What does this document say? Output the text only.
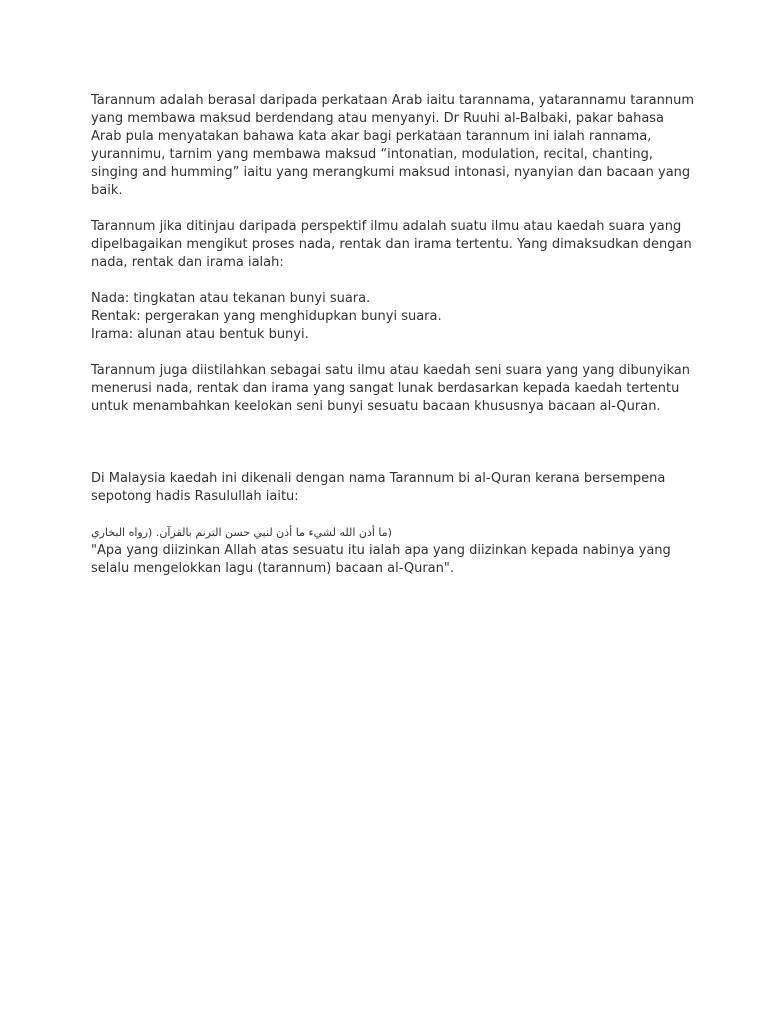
Tarannum adalah berasal daripada perkataan Arab iaitu tarannama, yatarannamu tarannum
yang membawa maksud berdendang atau menyanyi. Dr Ruuhi al-Balbaki, pakar bahasa
Arab pula menyatakan bahawa kata akar bagi perkataan tarannum ini ialah rannama,
yurannimu, tarnim yang membawa maksud “intonatian, modulation, recital, chanting,
singing and humming” iaitu yang merangkumi maksud intonasi, nyanyian dan bacaan yang
baik.

Tarannum jika ditinjau daripada perspektif ilmu adalah suatu ilmu atau kaedah suara yang
dipelbagaikan mengikut proses nada, rentak dan irama tertentu. Yang dimaksudkan dengan
nada, rentak dan irama ialah:

Nada: tingkatan atau tekanan bunyi suara.
Rentak: pergerakan yang menghidupkan bunyi suara.
Irama: alunan atau bentuk bunyi.

Tarannum juga diistilahkan sebagai satu ilmu atau kaedah seni suara yang yang dibunyikan
menerusi nada, rentak dan irama yang sangat lunak berdasarkan kepada kaedah tertentu
untuk menambahkan keelokan seni bunyi sesuatu bacaan khususnya bacaan al-Quran.

Di Malaysia kaedah ini dikenali dengan nama Tarannum bi al-Quran kerana bersempena
sepotong hadis Rasulullah iaitu:

(ما أذن الله لشيء ما أذن لنبي حسن الترنم بالقرآن. (رواه البخاري
"Apa yang diizinkan Allah atas sesuatu itu ialah apa yang diizinkan kepada nabinya yang
selalu mengelokkan lagu (tarannum) bacaan al-Quran".
